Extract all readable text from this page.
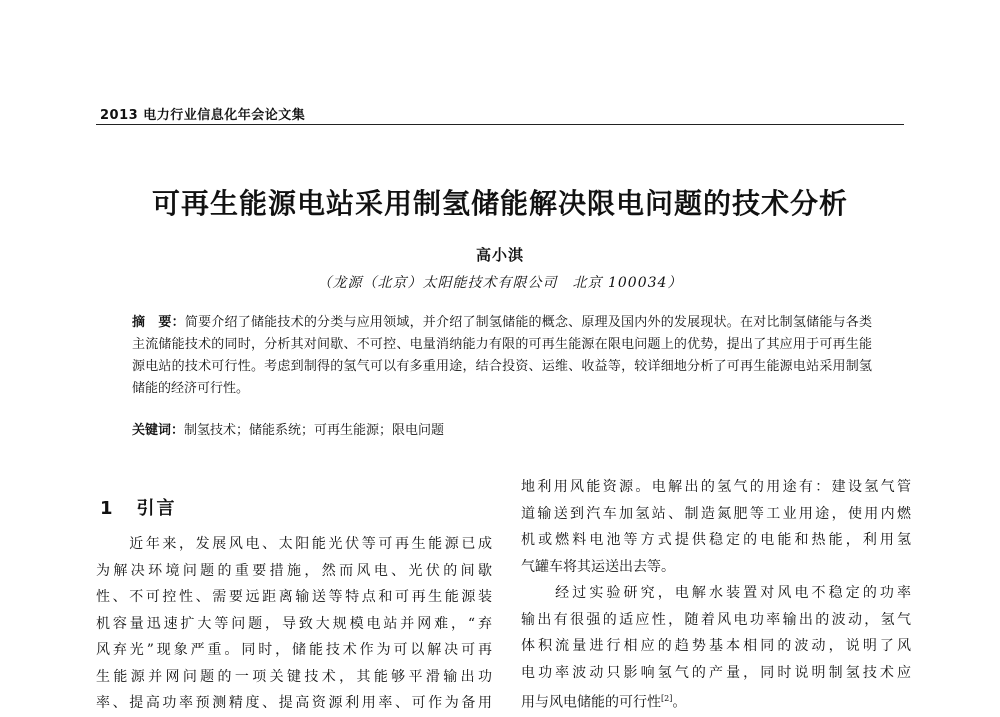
2013 电力行业信息化年会论文集
可再生能源电站采用制氢储能解决限电问题的技术分析
高小淇
（龙源（北京）太阳能技术有限公司　北京 100034）
摘　要：简要介绍了储能技术的分类与应用领域，并介绍了制氢储能的概念、原理及国内外的发展现状。在对比制氢储能与各类主流储能技术的同时，分析其对间歇、不可控、电量消纳能力有限的可再生能源在限电问题上的优势，提出了其应用于可再生能源电站的技术可行性。考虑到制得的氢气可以有多重用途，结合投资、运维、收益等，较详细地分析了可再生能源电站采用制氢储能的经济可行性。
关键词：制氢技术；储能系统；可再生能源；限电问题
1 引言
　　近年来，发展风电、太阳能光伏等可再生能源已成
为解决环境问题的重要措施，然而风电、光伏的间歇
性、不可控性、需要远距离输送等特点和可再生能源装
机容量迅速扩大等问题，导致大规模电站并网难，“弃
风弃光”现象严重。同时，储能技术作为可以解决可再
生能源并网问题的一项关键技术，其能够平滑输出功
率、提高功率预测精度、提高资源利用率、可作为备用
地利用风能资源。电解出的氢气的用途有：建设氢气管
道输送到汽车加氢站、制造氮肥等工业用途，使用内燃
机或燃料电池等方式提供稳定的电能和热能，利用氢
气罐车将其运送出去等。
　　经过实验研究，电解水装置对风电不稳定的功率
输出有很强的适应性，随着风电功率输出的波动，氢气
体积流量进行相应的趋势基本相同的波动，说明了风
电功率波动只影响氢气的产量，同时说明制氢技术应
用与风电储能的可行性[2]。
